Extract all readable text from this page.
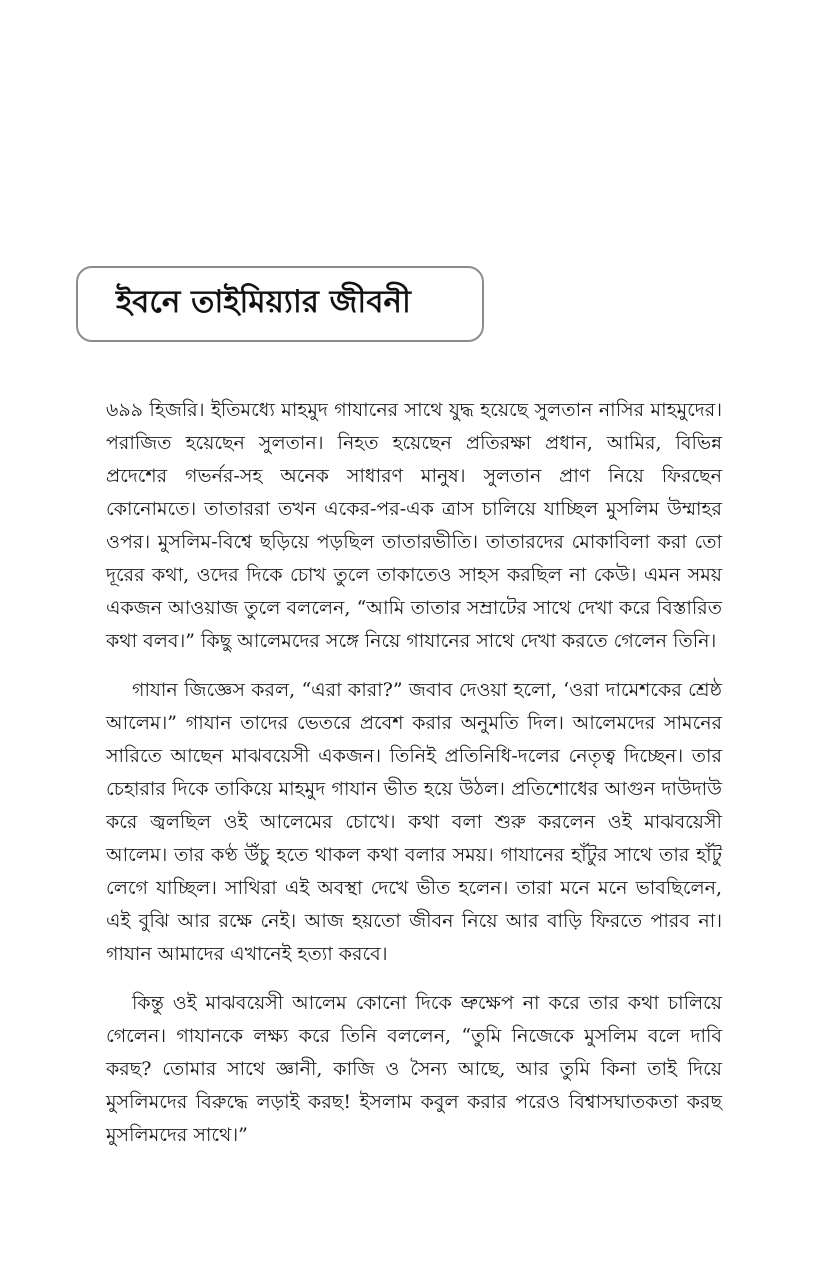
ইবনে তাইমিয়্যার জীবনী

৬৯৯ হিজরি। ইতিমধ্যে মাহমুদ গাযানের সাথে যুদ্ধ হয়েছে সুলতান নাসির মাহমুদের। পরাজিত হয়েছেন সুলতান। নিহত হয়েছেন প্রতিরক্ষা প্রধান, আমির, বিভিন্ন প্রদেশের গভর্নর-সহ অনেক সাধারণ মানুষ। সুলতান প্রাণ নিয়ে ফিরছেন কোনোমতে। তাতাররা তখন একের-পর-এক ত্রাস চালিয়ে যাচ্ছিল মুসলিম উম্মাহর ওপর। মুসলিম-বিশ্বে ছড়িয়ে পড়ছিল তাতারভীতি। তাতারদের মোকাবিলা করা তো দূরের কথা, ওদের দিকে চোখ তুলে তাকাতেও সাহস করছিল না কেউ। এমন সময় একজন আওয়াজ তুলে বললেন, “আমি তাতার সম্রাটের সাথে দেখা করে বিস্তারিত কথা বলব।” কিছু আলেমদের সঙ্গে নিয়ে গাযানের সাথে দেখা করতে গেলেন তিনি।

গাযান জিজ্ঞেস করল, “এরা কারা?” জবাব দেওয়া হলো, ‘ওরা দামেশকের শ্রেষ্ঠ আলেম।” গাযান তাদের ভেতরে প্রবেশ করার অনুমতি দিল। আলেমদের সামনের সারিতে আছেন মাঝবয়েসী একজন। তিনিই প্রতিনিধি-দলের নেতৃত্ব দিচ্ছেন। তার চেহারার দিকে তাকিয়ে মাহমুদ গাযান ভীত হয়ে উঠল। প্রতিশোধের আগুন দাউদাউ করে জ্বলছিল ওই আলেমের চোখে। কথা বলা শুরু করলেন ওই মাঝবয়েসী আলেম। তার কণ্ঠ উঁচু হতে থাকল কথা বলার সময়। গাযানের হাঁটুর সাথে তার হাঁটু লেগে যাচ্ছিল। সাথিরা এই অবস্থা দেখে ভীত হলেন। তারা মনে মনে ভাবছিলেন, এই বুঝি আর রক্ষে নেই। আজ হয়তো জীবন নিয়ে আর বাড়ি ফিরতে পারব না। গাযান আমাদের এখানেই হত্যা করবে।

কিন্তু ওই মাঝবয়েসী আলেম কোনো দিকে ভ্রুক্ষেপ না করে তার কথা চালিয়ে গেলেন। গাযানকে লক্ষ্য করে তিনি বললেন, “তুমি নিজেকে মুসলিম বলে দাবি করছ? তোমার সাথে জ্ঞানী, কাজি ও সৈন্য আছে, আর তুমি কিনা তাই দিয়ে মুসলিমদের বিরুদ্ধে লড়াই করছ! ইসলাম কবুল করার পরেও বিশ্বাসঘাতকতা করছ মুসলিমদের সাথে।”
